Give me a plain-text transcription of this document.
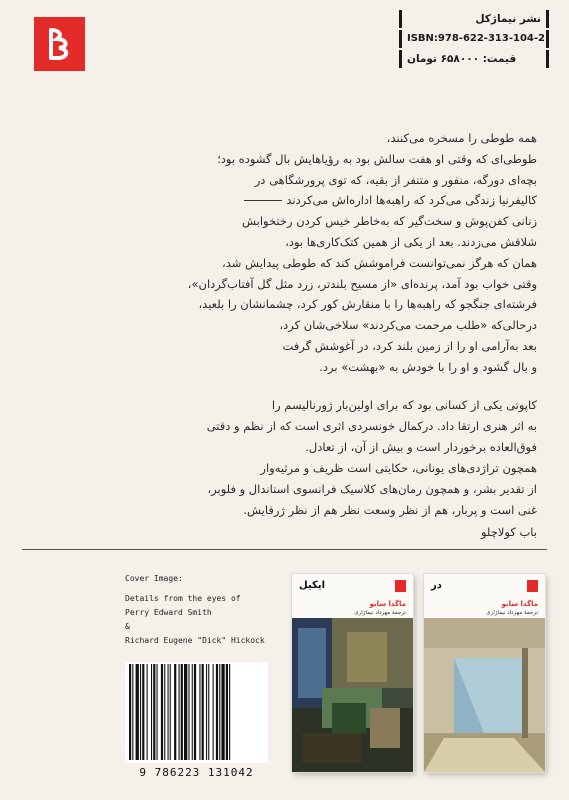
نشر نیماژکل
ISBN:978-622-313-104-2
قیمت: ۶۵۸۰۰۰ تومان
همه طوطی را مسخره می‌کنند،
طوطی‌ای که وقتی او هفت سالش بود به رؤیاهایش بال گشوده بود؛
بچه‌ای دورگه، منفور و متنفر از بقیه، که توی پرورشگاهی در
کالیفرنیا زندگی می‌کرد که راهبه‌ها اداره‌اش می‌کردند
زنانی کفن‌پوش و سخت‌گیر که به‌خاطر خیس کردن رختخوابش
شلاقش می‌زدند. بعد از یکی از همین کتک‌کاری‌ها بود،
همان که هرگز نمی‌توانست فراموشش کند که طوطی پیدایش شد،
وقتی خواب بود آمد، پرنده‌ای «از مسیح بلندتر، زرد مثل گل آفتاب‌گردان»،
فرشته‌ای جنگجو که راهبه‌ها را با منقارش کور کرد، چشمانشان را بلعید،
درحالی‌که «طلب مرحمت می‌کردند» سلاخی‌شان کرد،
بعد به‌آرامی او را از زمین بلند کرد، در آغوشش گرفت
و بال گشود و او را با خودش به «بهشت» برد.
کاپوتی یکی از کسانی بود که برای اولین‌بار ژورنالیسم را
به اثر هنری ارتقا داد. درکمال خونسردی اثری است که از نظم و دقتی
فوق‌العاده برخوردار است و بیش از آن، از تعادل.
همچون تراژدی‌های یونانی، حکایتی است ظریف و مرثیه‌وار
از تقدیر بشر، و همچون رمان‌های کلاسیک فرانسوی استاندال و فلوبر،
غنی است و پربار، هم از نظر وسعت نظر هم از نظر ژرفایش.
باب کولاچلو
Cover Image:
Details from the eyes of
Perry Edward Smith
&
Richard Eugene "Dick" Hickock
9 786223 131042
ایکیل
ماگدا سابو
ترجمهٔ مهرداد نیماژاری
در
ماگدا سابو
ترجمهٔ مهرداد نیماژاری
